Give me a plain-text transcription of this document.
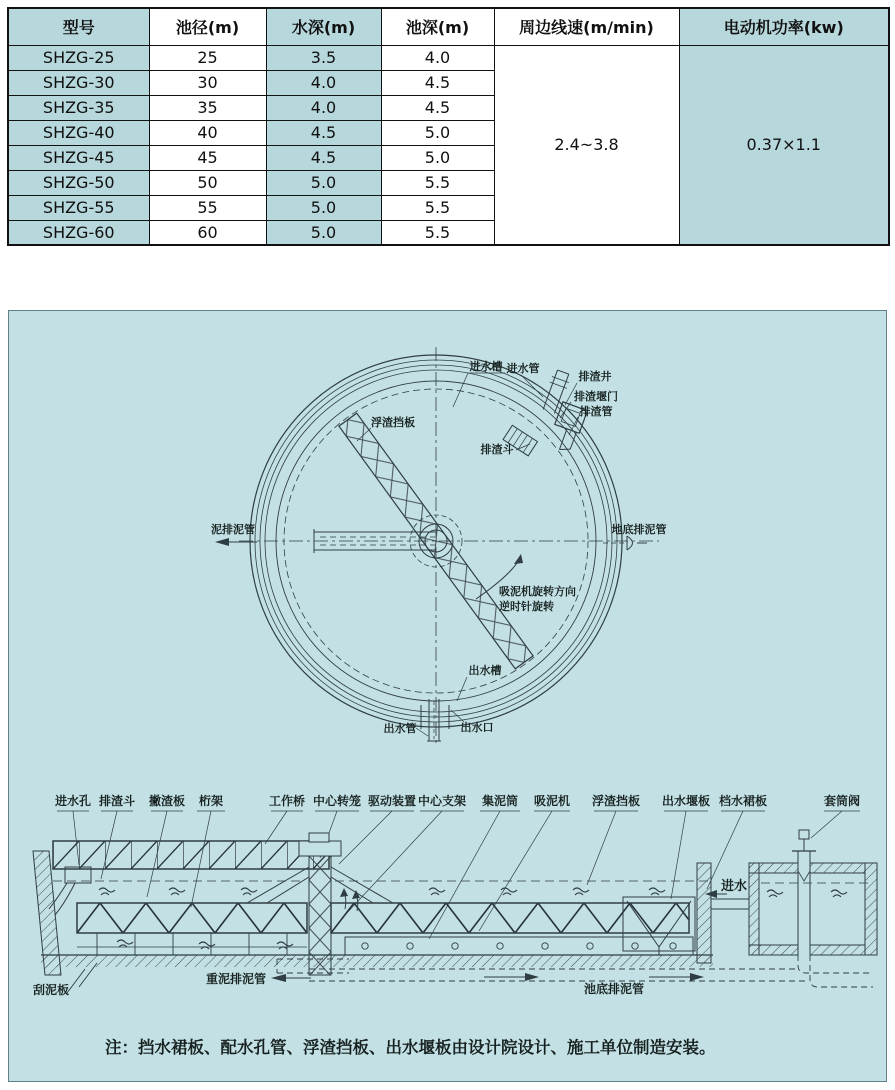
型号	池径(m)	水深(m)	池深(m)	周边线速(m/min)	电动机功率(kw)
SHZG-25	25	3.5	4.0	2.4~3.8	0.37×1.1
SHZG-30	30	4.0	4.5		
SHZG-35	35	4.0	4.5		
SHZG-40	40	4.5	5.0		
SHZG-45	45	4.5	5.0		
SHZG-50	50	5.0	5.5		
SHZG-55	55	5.0	5.5		
SHZG-60	60	5.0	5.5		
进水槽 进水管
排渣井
排渣堰门
排渣管
排渣斗
浮渣挡板
泥排泥管	地底排泥管
吸泥机旋转方向
逆时针旋转
出水槽
出水管	出水口
进水孔 排渣斗 撇渣板 桁架	工作桥 中心转笼 驱动装置 中心支架 集泥筒 吸泥机 浮渣挡板 出水堰板 档水裙板	套筒阀
刮泥板
重泥排泥管
池底排泥管
进水
注：挡水裙板、配水孔管、浮渣挡板、出水堰板由设计院设计、施工单位制造安装。
